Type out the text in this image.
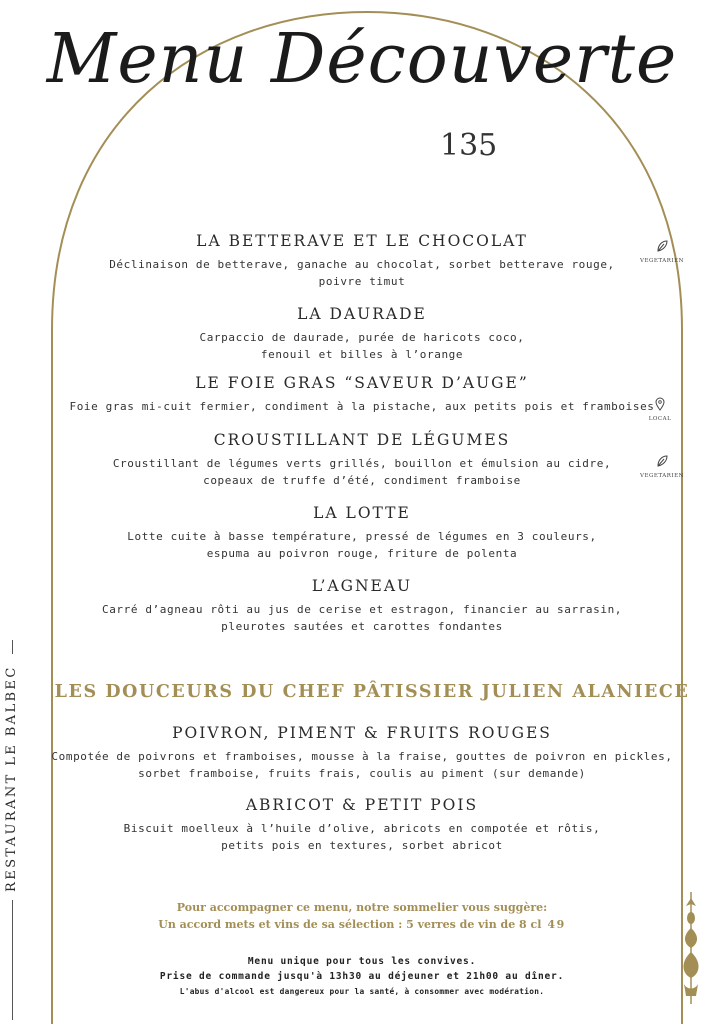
Menu Découverte
135
LA BETTERAVE ET LE CHOCOLAT
Déclinaison de betterave, ganache au chocolat, sorbet betterave rouge,
poivre timut
LA DAURADE
Carpaccio de daurade, purée de haricots coco,
fenouil et billes à l’orange
LE FOIE GRAS “SAVEUR D’AUGE”
Foie gras mi-cuit fermier, condiment à la pistache, aux petits pois et framboises
CROUSTILLANT DE LÉGUMES
Croustillant de légumes verts grillés, bouillon et émulsion au cidre,
copeaux de truffe d’été, condiment framboise
LA LOTTE
Lotte cuite à basse température, pressé de légumes en 3 couleurs,
espuma au poivron rouge, friture de polenta
L’AGNEAU
Carré d’agneau rôti au jus de cerise et estragon, financier au sarrasin,
pleurotes sautées et carottes fondantes
VEGETARIEN
LOCAL
VEGETARIEN
LES DOUCEURS DU CHEF PÂTISSIER JULIEN ALANIECE
POIVRON, PIMENT & FRUITS ROUGES
Compotée de poivrons et framboises, mousse à la fraise, gouttes de poivron en pickles,
sorbet framboise, fruits frais, coulis au piment (sur demande)
ABRICOT & PETIT POIS
Biscuit moelleux à l’huile d’olive, abricots en compotée et rôtis,
petits pois en textures, sorbet abricot
Pour accompagner ce menu, notre sommelier vous suggère:
Un accord mets et vins de sa sélection : 5 verres de vin de 8 cl 49
Menu unique pour tous les convives.
Prise de commande jusqu'à 13h30 au déjeuner et 21h00 au dîner.
L'abus d'alcool est dangereux pour la santé, à consommer avec modération.
RESTAURANT LE BALBEC
